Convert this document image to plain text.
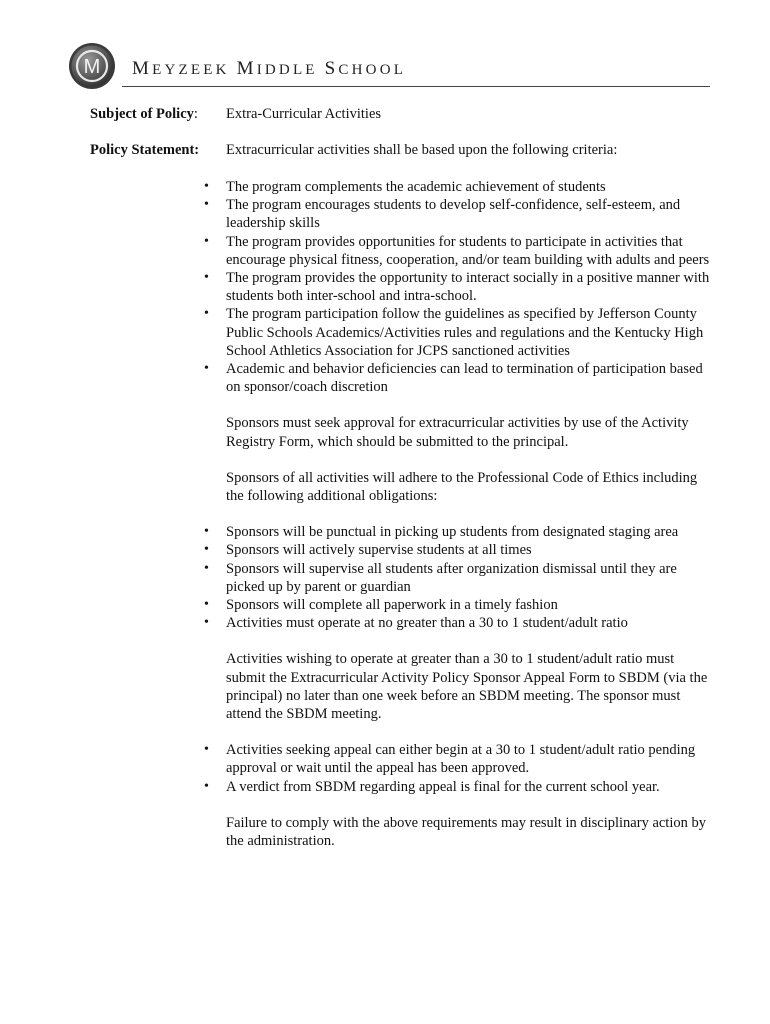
M MEYZEEK MIDDLE SCHOOL
Subject of Policy: Extra-Curricular Activities
Policy Statement: Extracurricular activities shall be based upon the following criteria:
• The program complements the academic achievement of students
• The program encourages students to develop self-confidence, self-esteem, and leadership skills
• The program provides opportunities for students to participate in activities that encourage physical fitness, cooperation, and/or team building with adults and peers
• The program provides the opportunity to interact socially in a positive manner with students both inter-school and intra-school.
• The program participation follow the guidelines as specified by Jefferson County Public Schools Academics/Activities rules and regulations and the Kentucky High School Athletics Association for JCPS sanctioned activities
• Academic and behavior deficiencies can lead to termination of participation based on sponsor/coach discretion

Sponsors must seek approval for extracurricular activities by use of the Activity Registry Form, which should be submitted to the principal.

Sponsors of all activities will adhere to the Professional Code of Ethics including the following additional obligations:

• Sponsors will be punctual in picking up students from designated staging area
• Sponsors will actively supervise students at all times
• Sponsors will supervise all students after organization dismissal until they are picked up by parent or guardian
• Sponsors will complete all paperwork in a timely fashion
• Activities must operate at no greater than a 30 to 1 student/adult ratio

Activities wishing to operate at greater than a 30 to 1 student/adult ratio must submit the Extracurricular Activity Policy Sponsor Appeal Form to SBDM (via the principal) no later than one week before an SBDM meeting. The sponsor must attend the SBDM meeting.

• Activities seeking appeal can either begin at a 30 to 1 student/adult ratio pending approval or wait until the appeal has been approved.
• A verdict from SBDM regarding appeal is final for the current school year.

Failure to comply with the above requirements may result in disciplinary action by the administration.
